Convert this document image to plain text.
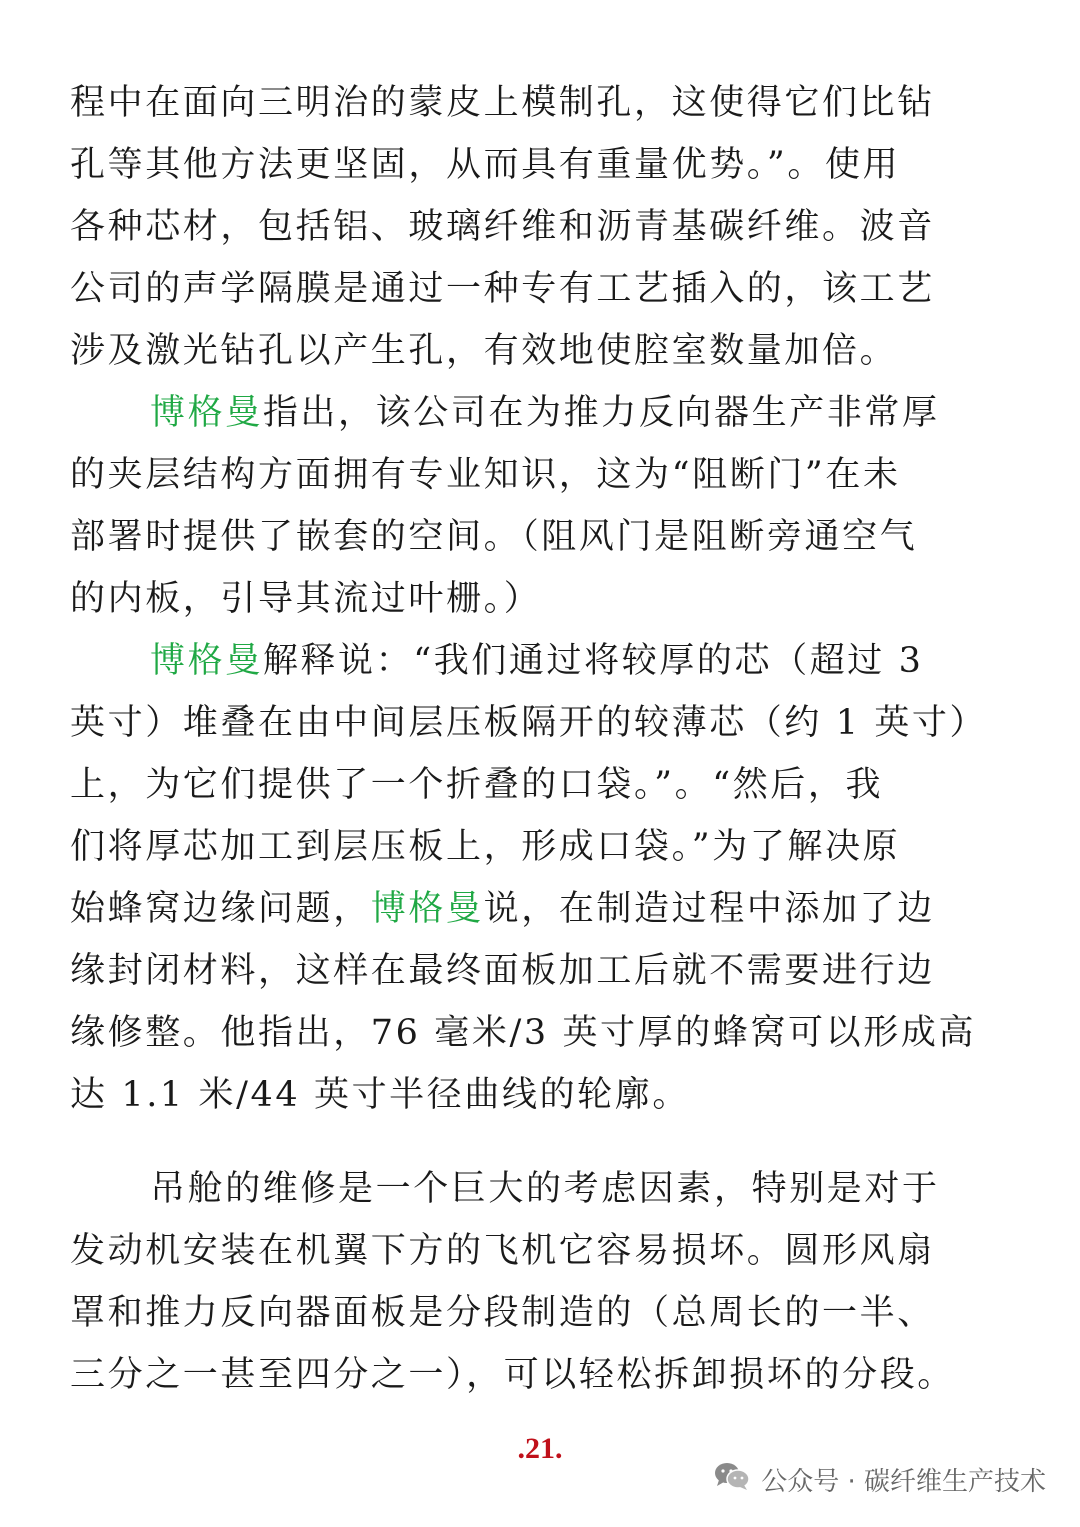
程中在面向三明治的蒙皮上模制孔，这使得它们比钻
孔等其他方法更坚固，从而具有重量优势。”。使用
各种芯材，包括铝、玻璃纤维和沥青基碳纤维。波音
公司的声学隔膜是通过一种专有工艺插入的，该工艺
涉及激光钻孔以产生孔，有效地使腔室数量加倍。
博格曼指出，该公司在为推力反向器生产非常厚
的夹层结构方面拥有专业知识，这为“阻断门”在未
部署时提供了嵌套的空间。（阻风门是阻断旁通空气
的内板，引导其流过叶栅。）
博格曼解释说：“我们通过将较厚的芯（超过 3
英寸）堆叠在由中间层压板隔开的较薄芯（约 1 英寸）
上，为它们提供了一个折叠的口袋。”。“然后，我
们将厚芯加工到层压板上，形成口袋。”为了解决原
始蜂窝边缘问题，博格曼说，在制造过程中添加了边
缘封闭材料，这样在最终面板加工后就不需要进行边
缘修整。他指出，76 毫米/3 英寸厚的蜂窝可以形成高
达 1.1 米/44 英寸半径曲线的轮廓。
吊舱的维修是一个巨大的考虑因素，特别是对于
发动机安装在机翼下方的飞机它容易损坏。圆形风扇
罩和推力反向器面板是分段制造的（总周长的一半、
三分之一甚至四分之一），可以轻松拆卸损坏的分段。
.21.
公众号 · 碳纤维生产技术
